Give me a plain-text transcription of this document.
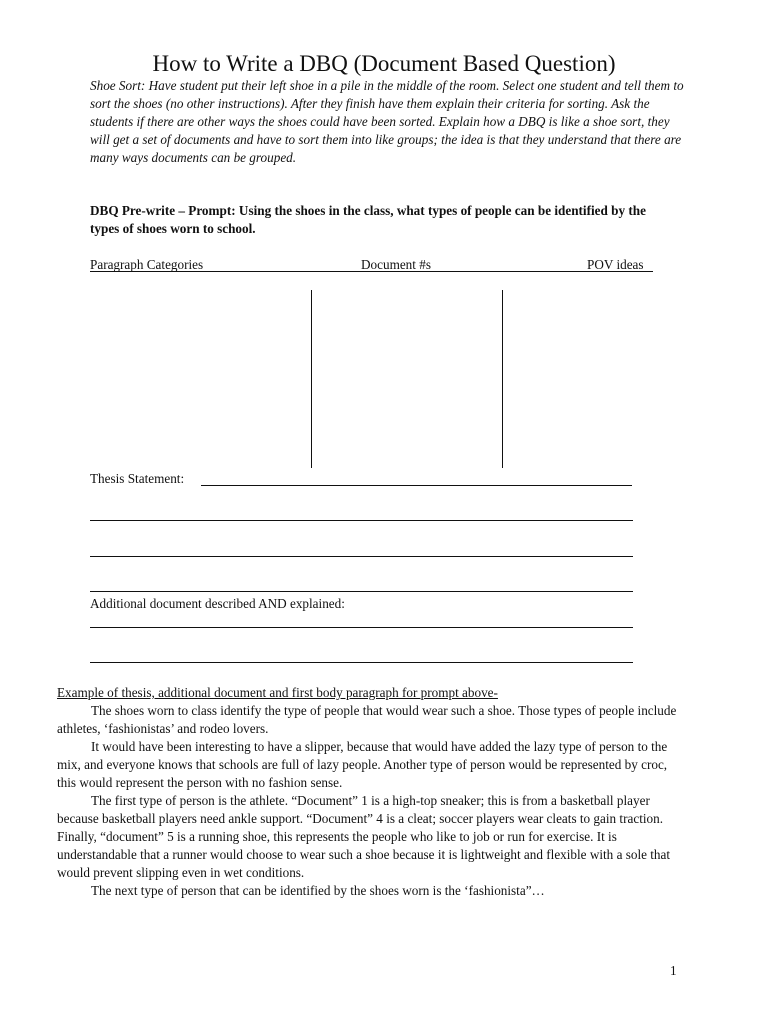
How to Write a DBQ (Document Based Question)
Shoe Sort: Have student put their left shoe in a pile in the middle of the room. Select one student and tell them to sort the shoes (no other instructions). After they finish have them explain their criteria for sorting. Ask the students if there are other ways the shoes could have been sorted. Explain how a DBQ is like a shoe sort, they will get a set of documents and have to sort them into like groups; the idea is that they understand that there are many ways documents can be grouped.
DBQ Pre-write – Prompt: Using the shoes in the class, what types of people can be identified by the types of shoes worn to school.
Paragraph Categories	Document #s	POV ideas
Thesis Statement:
Additional document described AND explained:
Example of thesis, additional document and first body paragraph for prompt above-

The shoes worn to class identify the type of people that would wear such a shoe. Those types of people include athletes, ‘fashionistas’ and rodeo lovers.

It would have been interesting to have a slipper, because that would have added the lazy type of person to the mix, and everyone knows that schools are full of lazy people. Another type of person would be represented by croc, this would represent the person with no fashion sense.

The first type of person is the athlete. “Document” 1 is a high-top sneaker; this is from a basketball player because basketball players need ankle support. “Document” 4 is a cleat; soccer players wear cleats to gain traction. Finally, “document” 5 is a running shoe, this represents the people who like to job or run for exercise. It is understandable that a runner would choose to wear such a shoe because it is lightweight and flexible with a sole that would prevent slipping even in wet conditions.

The next type of person that can be identified by the shoes worn is the ‘fashionista”…

1
